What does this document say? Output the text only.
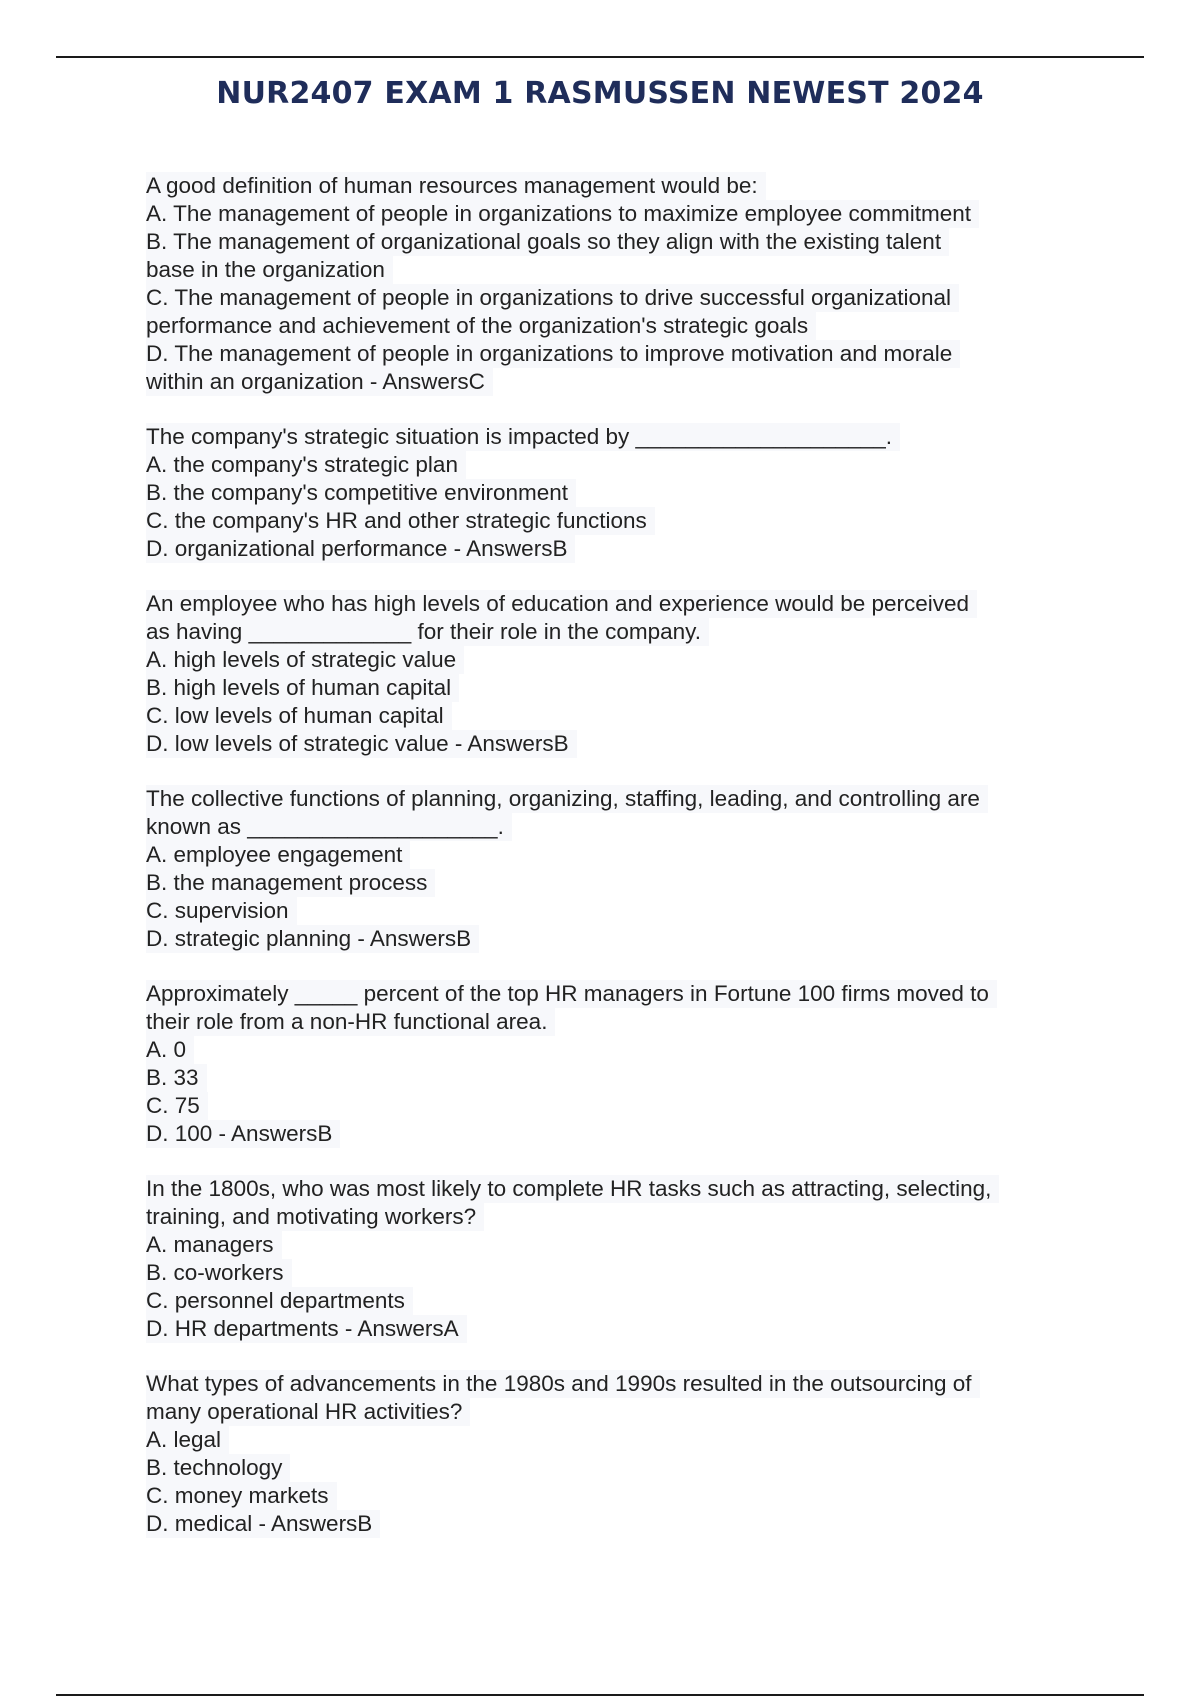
NUR2407 EXAM 1 RASMUSSEN NEWEST 2024
A good definition of human resources management would be:
A. The management of people in organizations to maximize employee commitment
B. The management of organizational goals so they align with the existing talent
base in the organization
C. The management of people in organizations to drive successful organizational
performance and achievement of the organization's strategic goals
D. The management of people in organizations to improve motivation and morale
within an organization - AnswersC
The company's strategic situation is impacted by ____________________.
A. the company's strategic plan
B. the company's competitive environment
C. the company's HR and other strategic functions
D. organizational performance - AnswersB
An employee who has high levels of education and experience would be perceived
as having _____________ for their role in the company.
A. high levels of strategic value
B. high levels of human capital
C. low levels of human capital
D. low levels of strategic value - AnswersB
The collective functions of planning, organizing, staffing, leading, and controlling are
known as ____________________.
A. employee engagement
B. the management process
C. supervision
D. strategic planning - AnswersB
Approximately _____ percent of the top HR managers in Fortune 100 firms moved to
their role from a non-HR functional area.
A. 0
B. 33
C. 75
D. 100 - AnswersB
In the 1800s, who was most likely to complete HR tasks such as attracting, selecting,
training, and motivating workers?
A. managers
B. co-workers
C. personnel departments
D. HR departments - AnswersA
What types of advancements in the 1980s and 1990s resulted in the outsourcing of
many operational HR activities?
A. legal
B. technology
C. money markets
D. medical - AnswersB
